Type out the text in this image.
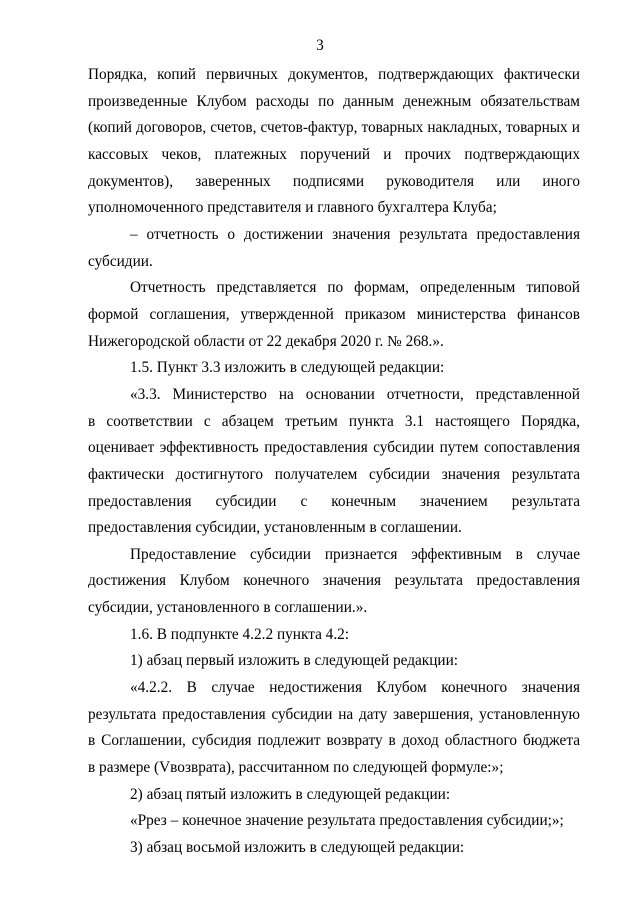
3
Порядка, копий первичных документов, подтверждающих фактически
произведенные Клубом расходы по данным денежным обязательствам
(копий договоров, счетов, счетов-фактур, товарных накладных, товарных и
кассовых чеков, платежных поручений и прочих подтверждающих
документов), заверенных подписями руководителя или иного
уполномоченного представителя и главного бухгалтера Клуба;
– отчетность о достижении значения результата предоставления
субсидии.
Отчетность представляется по формам, определенным типовой
формой соглашения, утвержденной приказом министерства финансов
Нижегородской области от 22 декабря 2020 г. № 268.».
1.5. Пункт 3.3 изложить в следующей редакции:
«3.3. Министерство на основании отчетности, представленной
в соответствии с абзацем третьим пункта 3.1 настоящего Порядка,
оценивает эффективность предоставления субсидии путем сопоставления
фактически достигнутого получателем субсидии значения результата
предоставления субсидии с конечным значением результата
предоставления субсидии, установленным в соглашении.
Предоставление субсидии признается эффективным в случае
достижения Клубом конечного значения результата предоставления
субсидии, установленного в соглашении.».
1.6. В подпункте 4.2.2 пункта 4.2:
1) абзац первый изложить в следующей редакции:
«4.2.2. В случае недостижения Клубом конечного значения
результата предоставления субсидии на дату завершения, установленную
в Соглашении, субсидия подлежит возврату в доход областного бюджета
в размере (Vвозврата), рассчитанном по следующей формуле:»;
2) абзац пятый изложить в следующей редакции:
«Ррез – конечное значение результата предоставления субсидии;»;
3) абзац восьмой изложить в следующей редакции:
